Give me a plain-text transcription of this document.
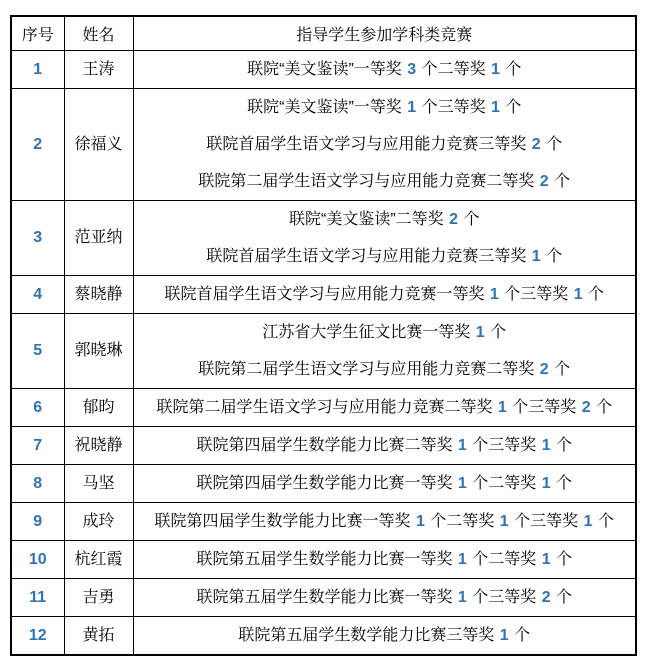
序号	姓名	指导学生参加学科类竞赛
1	王涛	联院“美文鉴读”一等奖 3 个二等奖 1 个

2	徐福义	联院“美文鉴读”一等奖 1 个三等奖 1 个
联院首届学生语文学习与应用能力竞赛三等奖 2 个
联院第二届学生语文学习与应用能力竞赛二等奖 2 个

3	范亚纳	联院“美文鉴读”二等奖 2 个
联院首届学生语文学习与应用能力竞赛三等奖 1 个

4	蔡晓静	联院首届学生语文学习与应用能力竞赛一等奖 1 个三等奖 1 个

5	郭晓琳	江苏省大学生征文比赛一等奖 1 个
联院第二届学生语文学习与应用能力竞赛二等奖 2 个

6	郁昀	联院第二届学生语文学习与应用能力竞赛二等奖 1 个三等奖 2 个

7	祝晓静	联院第四届学生数学能力比赛二等奖 1 个三等奖 1 个

8	马坚	联院第四届学生数学能力比赛一等奖 1 个二等奖 1 个

9	成玲	联院第四届学生数学能力比赛一等奖 1 个二等奖 1 个三等奖 1 个

10	杭红霞	联院第五届学生数学能力比赛一等奖 1 个二等奖 1 个

11	吉勇	联院第五届学生数学能力比赛一等奖 1 个三等奖 2 个

12	黄拓	联院第五届学生数学能力比赛三等奖 1 个
